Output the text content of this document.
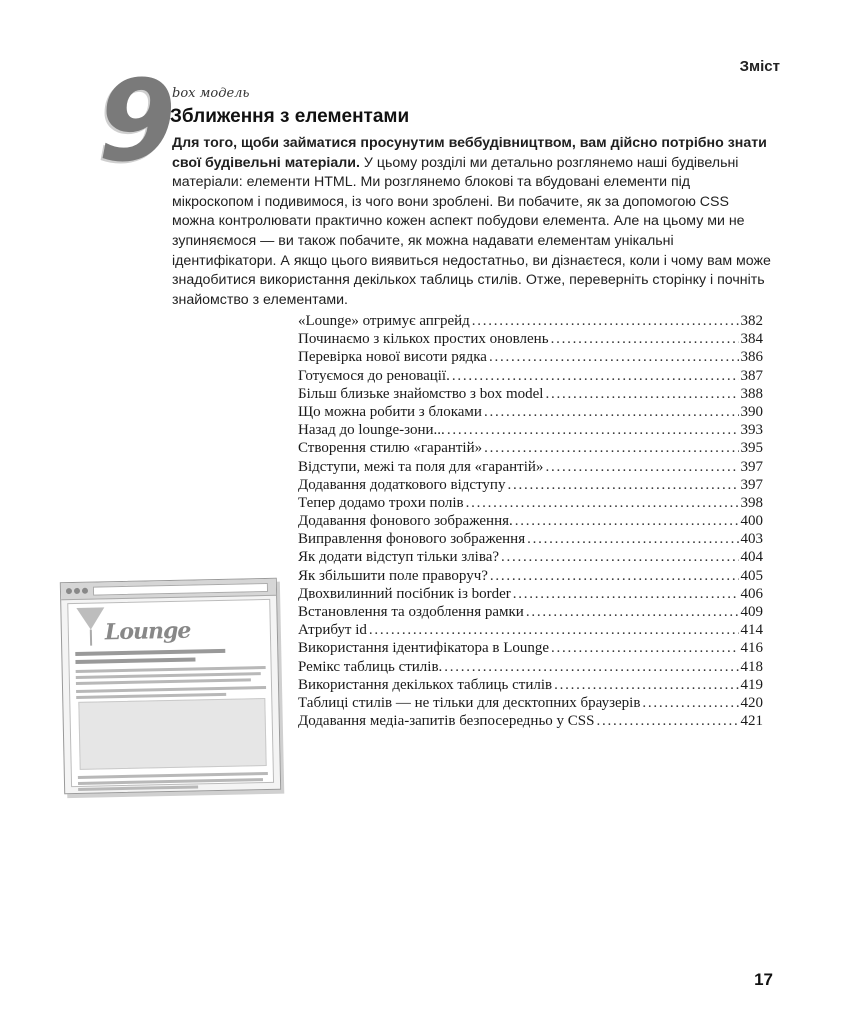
Зміст
9
box модель
Зближення з елементами
Для того, щоби займатися просунутим веббудівництвом, вам дійсно потрібно знати свої будівельні матеріали. У цьому розділі ми детально розглянемо наші будівельні матеріали: елементи HTML. Ми розглянемо блокові та вбудовані елементи під мікроскопом і подивимося, із чого вони зроблені. Ви побачите, як за допомогою CSS можна контролювати практично кожен аспект побудови елемента. Але на цьому ми не зупиняємося — ви також побачите, як можна надавати елементам унікальні ідентифікатори. А якщо цього виявиться недостатньо, ви дізнаєтеся, коли і чому вам може знадобитися використання декількох таблиць стилів. Отже, переверніть сторінку і почніть знайомство з елементами.
«Lounge» отримує апгрейд . . .	382
Починаємо з кількох простих оновлень . . .	384
Перевірка нової висоти рядка . . .	386
Готуємося до реновації. . . .	387
Більш близьке знайомство з box model . . .	388
Що можна робити з блоками . . .	390
Назад до lounge-зони... . . .	393
Створення стилю «гарантій» . . .	395
Відступи, межі та поля для «гарантій» . . .	397
Додавання додаткового відступу . . .	397
Тепер додамо трохи полів . . .	398
Додавання фонового зображення. . . .	400
Виправлення фонового зображення . . .	403
Як додати відступ тільки зліва? . . .	404
Як збільшити поле праворуч? . . .	405
Двохвилинний посібник із border . . .	406
Встановлення та оздоблення рамки . . .	409
Атрибут id . . .	414
Використання ідентифікатора в Lounge . . .	416
Ремікс таблиць стилів. . . .	418
Використання декількох таблиць стилів . . .	419
Таблиці стилів — не тільки для десктопних браузерів . . .	420
Додавання медіа-запитів безпосередньо у CSS . . .	421
Lounge
17
